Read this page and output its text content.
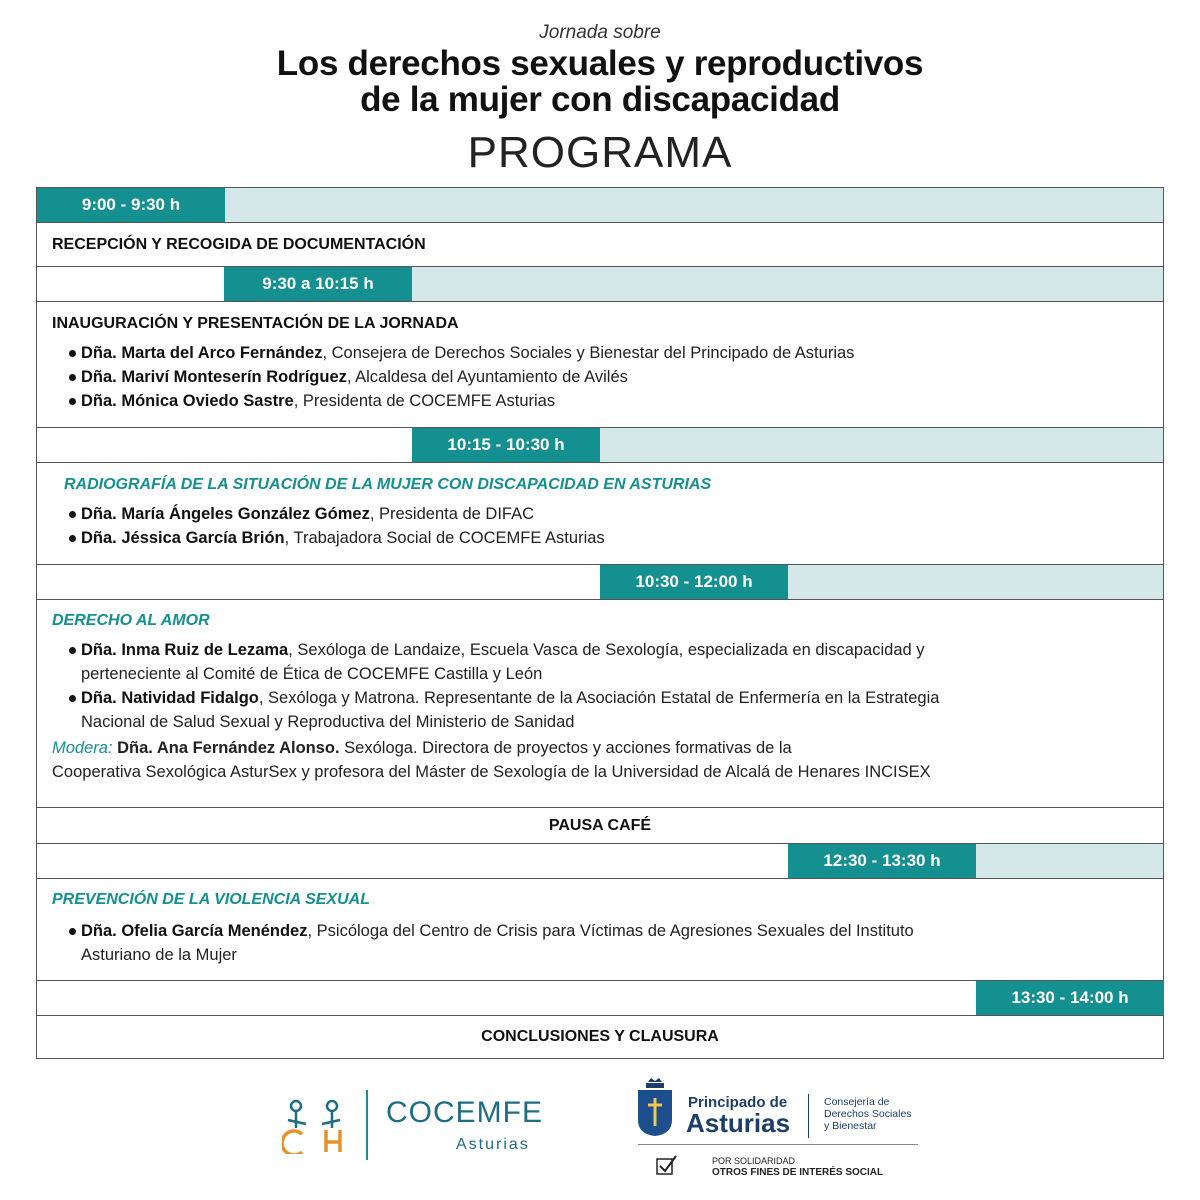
Jornada sobre
Los derechos sexuales y reproductivos
de la mujer con discapacidad
PROGRAMA
9:00 - 9:30 h
RECEPCIÓN Y RECOGIDA DE DOCUMENTACIÓN
9:30 a 10:15 h
INAUGURACIÓN Y PRESENTACIÓN DE LA JORNADA
Dña. Marta del Arco Fernández, Consejera de Derechos Sociales y Bienestar del Principado de Asturias
Dña. Mariví Monteserín Rodríguez, Alcaldesa del Ayuntamiento de Avilés
Dña. Mónica Oviedo Sastre, Presidenta de COCEMFE Asturias
10:15 - 10:30 h
RADIOGRAFÍA DE LA SITUACIÓN DE LA MUJER CON DISCAPACIDAD EN ASTURIAS
Dña. María Ángeles González Gómez, Presidenta de DIFAC
Dña. Jéssica García Brión, Trabajadora Social de COCEMFE Asturias
10:30 - 12:00 h
DERECHO AL AMOR
Dña. Inma Ruiz de Lezama, Sexóloga de Landaize, Escuela Vasca de Sexología, especializada en discapacidad y
perteneciente al Comité de Ética de COCEMFE Castilla y León
Dña. Natividad Fidalgo, Sexóloga y Matrona. Representante de la Asociación Estatal de Enfermería en la Estrategia
Nacional de Salud Sexual y Reproductiva del Ministerio de Sanidad
Modera: Dña. Ana Fernández Alonso. Sexóloga. Directora de proyectos y acciones formativas de la
Cooperativa Sexológica AsturSex y profesora del Máster de Sexología de la Universidad de Alcalá de Henares INCISEX
PAUSA CAFÉ
12:30 - 13:30 h
PREVENCIÓN DE LA VIOLENCIA SEXUAL
Dña. Ofelia García Menéndez, Psicóloga del Centro de Crisis para Víctimas de Agresiones Sexuales del Instituto
Asturiano de la Mujer
13:30 - 14:00 h
CONCLUSIONES Y CLAUSURA
COCEMFE
Asturias
Principado de
Asturias
Consejería de
Derechos Sociales
y Bienestar
POR SOLIDARIDAD
OTROS FINES DE INTERÉS SOCIAL
